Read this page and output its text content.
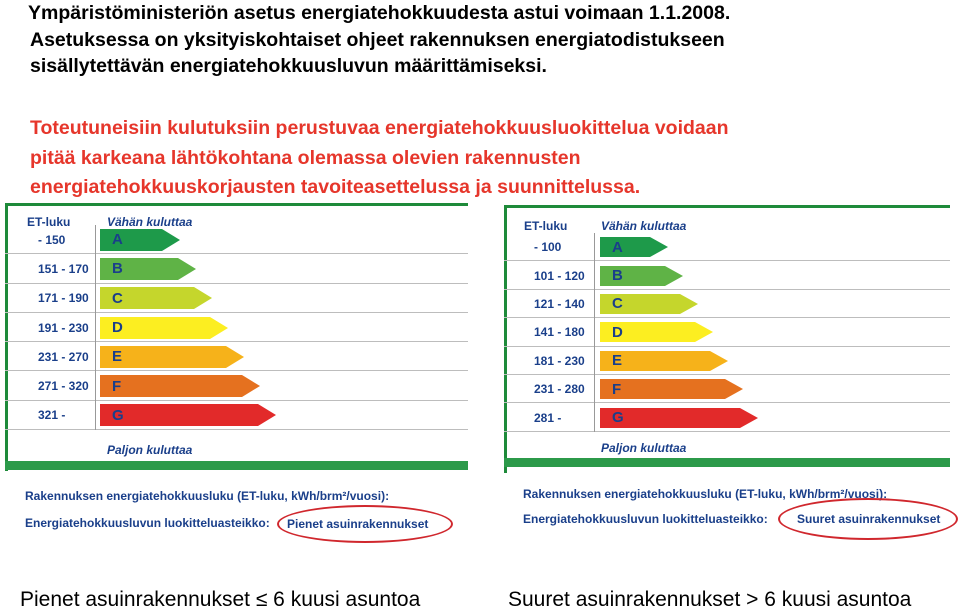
Ympäristöministeriön asetus energiatehokkuudesta astui voimaan 1.1.2008.
Asetuksessa on yksityiskohtaiset ohjeet rakennuksen energiatodistukseen
sisällytettävän energiatehokkuusluvun määrittämiseksi.
Toteutuneisiin kulutuksiin perustuvaa energiatehokkuusluokittelua voidaan
pitää karkeana lähtökohtana olemassa olevien rakennusten
energiatehokkuuskorjausten tavoiteasettelussa ja suunnittelussa.
ET-luku	Vähän kuluttaa
- 150	A
151 - 170 B
171 - 190 C
191 - 230 D
231 - 270 E
271 - 320 F
321 -	G
Paljon kuluttaa
Rakennuksen energiatehokkuusluku (ET-luku, kWh/brm²/vuosi):
Energiatehokkuusluvun luokitteluasteikko:
ET-luku	Vähän kuluttaa
- 100	A
101 - 120 B
121 - 140 C
141 - 180 D
181 - 230 E
231 - 280 F
281 -	G
Paljon kuluttaa
Rakennuksen energiatehokkuusluku (ET-luku, kWh/brm²/vuosi):
Energiatehokkuusluvun luokitteluasteikko:
Pienet asuinrakennukset	Suuret asuinrakennukset
Pienet asuinrakennukset ≤ 6 kuusi asuntoa	Suuret asuinrakennukset > 6 kuusi asuntoa
